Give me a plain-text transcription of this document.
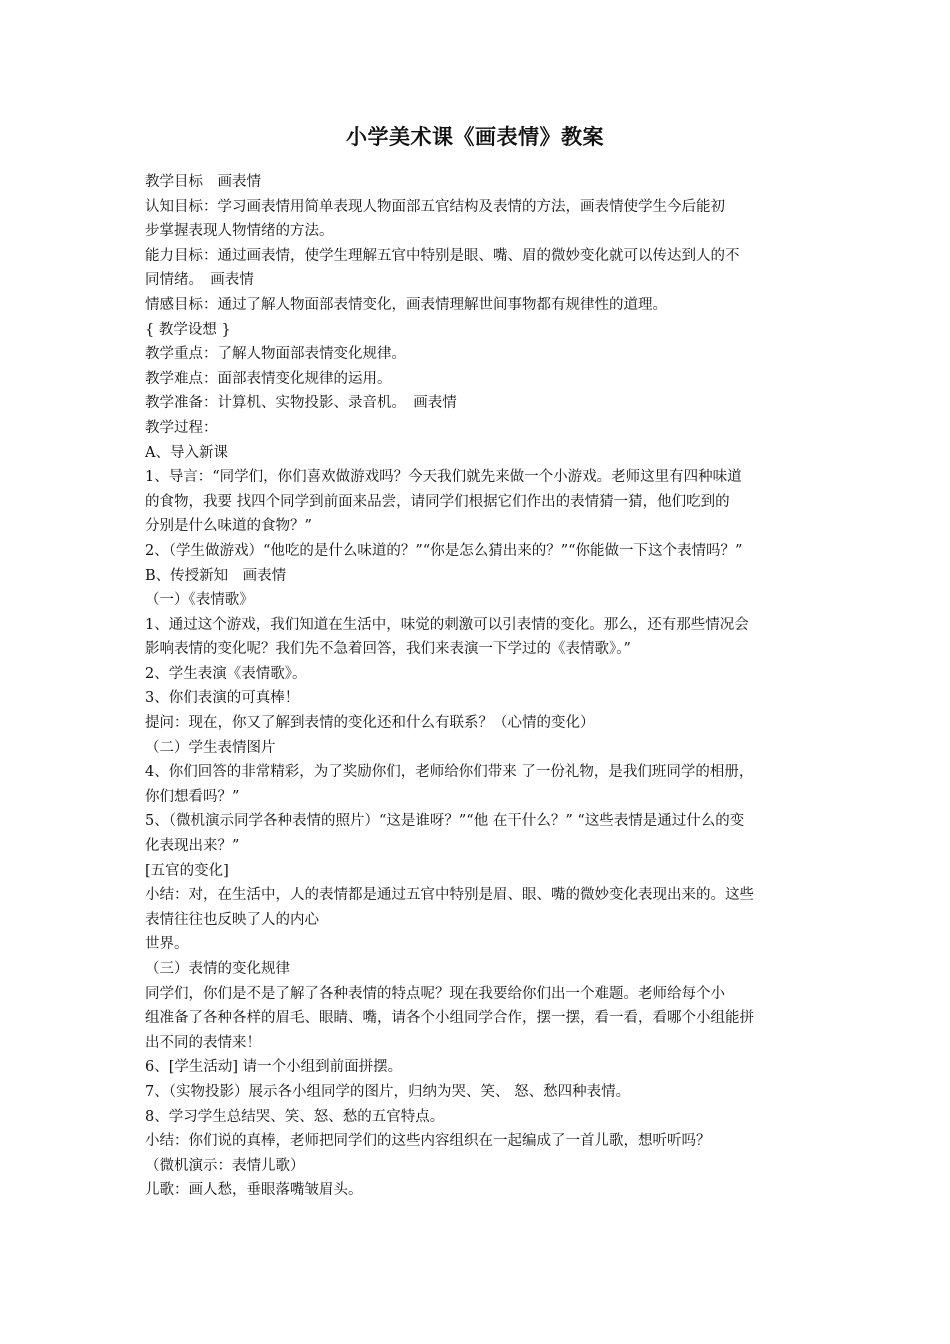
小学美术课《画表情》教案
教学目标　画表情
认知目标：学习画表情用简单表现人物面部五官结构及表情的方法，画表情使学生今后能初
步掌握表现人物情绪的方法。
能力目标：通过画表情，使学生理解五官中特别是眼、嘴、眉的微妙变化就可以传达到人的不
同情绪。　画表情
情感目标：通过了解人物面部表情变化，画表情理解世间事物都有规律性的道理。
{ 教学设想 }
教学重点：了解人物面部表情变化规律。
教学难点：面部表情变化规律的运用。
教学准备：计算机、实物投影、录音机。　画表情
教学过程：
A、导入新课
1、导言：“同学们，你们喜欢做游戏吗？今天我们就先来做一个小游戏。老师这里有四种味道
的食物，我要 找四个同学到前面来品尝，请同学们根据它们作出的表情猜一猜，他们吃到的
分别是什么味道的食物？”
2、（学生做游戏）“他吃的是什么味道的？”“你是怎么猜出来的？”“你能做一下这个表情吗？”
B、传授新知　画表情
（一）《表情歌》
1、通过这个游戏，我们知道在生活中，味觉的刺激可以引表情的变化。那么，还有那些情况会
影响表情的变化呢？我们先不急着回答，我们来表演一下学过的《表情歌》。”
2、学生表演《表情歌》。
3、你们表演的可真棒！
提问：现在，你又了解到表情的变化还和什么有联系？（心情的变化）
（二）学生表情图片
4、你们回答的非常精彩，为了奖励你们，老师给你们带来 了一份礼物，是我们班同学的相册，
你们想看吗？”
5、（微机演示同学各种表情的照片）“这是谁呀？”“他 在干什么？” “这些表情是通过什么的变
化表现出来？”
[五官的变化]
小结：对，在生活中，人的表情都是通过五官中特别是眉、眼、嘴的微妙变化表现出来的。这些
表情往往也反映了人的内心
世界。
（三）表情的变化规律
同学们，你们是不是了解了各种表情的特点呢？现在我要给你们出一个难题。老师给每个小
组准备了各种各样的眉毛、眼睛、嘴，请各个小组同学合作，摆一摆，看一看，看哪个小组能拼
出不同的表情来！
6、[学生活动] 请一个小组到前面拼摆。
7、（实物投影）展示各小组同学的图片，归纳为哭、笑、 怒、愁四种表情。
8、学习学生总结哭、笑、怒、愁的五官特点。
小结：你们说的真棒，老师把同学们的这些内容组织在一起编成了一首儿歌，想听听吗？
（微机演示：表情儿歌）
儿歌：画人愁，垂眼落嘴皱眉头。
